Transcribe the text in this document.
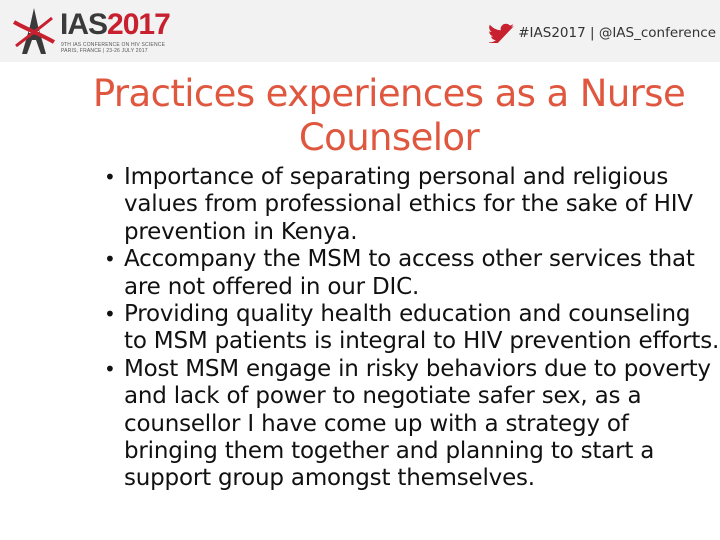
IAS2017
9TH IAS CONFERENCE ON HIV SCIENCE
PARIS, FRANCE | 23-26 JULY 2017
#IAS2017 | @IAS_conference
Practices experiences as a Nurse Counselor
• Importance of separating personal and religious values from professional ethics for the sake of HIV prevention in Kenya.
• Accompany the MSM to access other services that are not offered in our DIC.
• Providing quality health education and counseling to MSM patients is integral to HIV prevention efforts.
• Most MSM engage in risky behaviors due to poverty and lack of power to negotiate safer sex, as a counsellor I have come up with a strategy of bringing them together and planning to start a support group amongst themselves.
